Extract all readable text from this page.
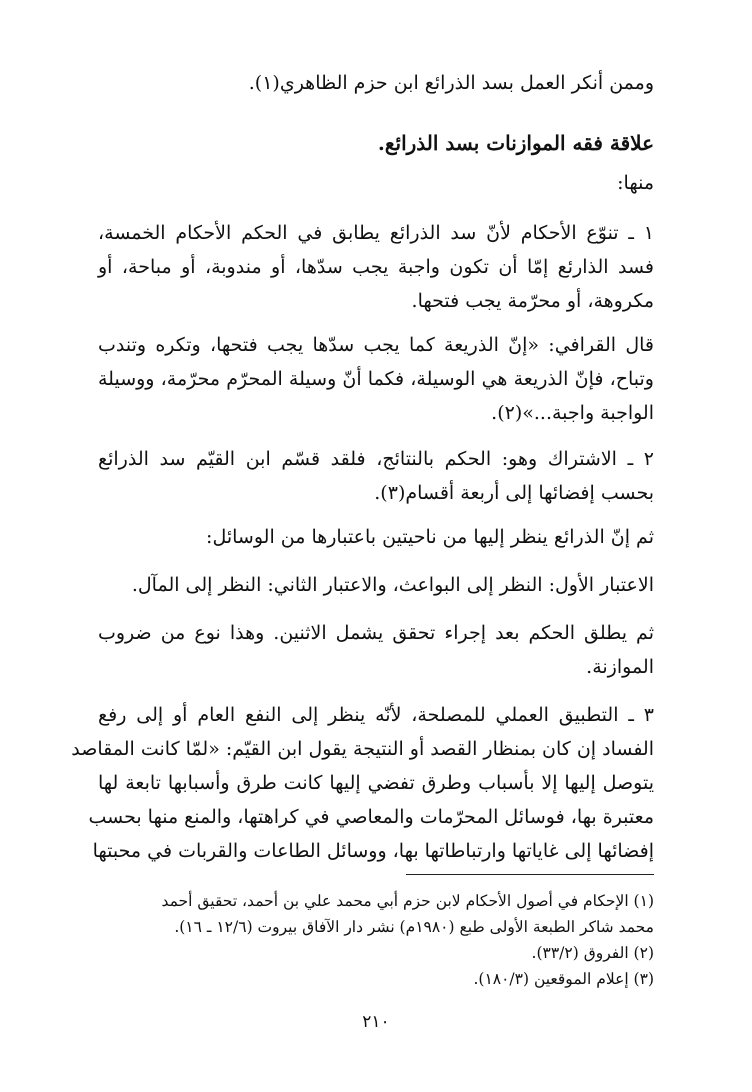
وممن أنكر العمل بسد الذرائع ابن حزم الظاهري(١).
علاقة فقه الموازنات بسد الذرائع.
منها:
١ ـ تنوّع الأحكام لأنّ سد الذرائع يطابق في الحكم الأحكام الخمسة،
فسد الذارئع إمّا أن تكون واجبة يجب سدّها، أو مندوبة، أو مباحة، أو
مكروهة، أو محرّمة يجب فتحها.
قال القرافي: «إنّ الذريعة كما يجب سدّها يجب فتحها، وتكره وتندب
وتباح، فإنّ الذريعة هي الوسيلة، فكما أنّ وسيلة المحرّم محرّمة، ووسيلة
الواجبة واجبة...»(٢).
٢ ـ الاشتراك وهو: الحكم بالنتائج، فلقد قسّم ابن القيّم سد الذرائع
بحسب إفضائها إلى أربعة أقسام(٣).
ثم إنّ الذرائع ينظر إليها من ناحيتين باعتبارها من الوسائل:
الاعتبار الأول: النظر إلى البواعث، والاعتبار الثاني: النظر إلى المآل.
ثم يطلق الحكم بعد إجراء تحقق يشمل الاثنين. وهذا نوع من ضروب
الموازنة.
٣ ـ التطبيق العملي للمصلحة، لأنّه ينظر إلى النفع العام أو إلى رفع
الفساد إن كان بمنظار القصد أو النتيجة يقول ابن القيّم: «لمّا كانت المقاصد
يتوصل إليها إلا بأسباب وطرق تفضي إليها كانت طرق وأسبابها تابعة لها
معتبرة بها، فوسائل المحرّمات والمعاصي في كراهتها، والمنع منها بحسب
إفضائها إلى غاياتها وارتباطاتها بها، ووسائل الطاعات والقربات في محبتها
(١) الإحكام في أصول الأحكام لابن حزم أبي محمد علي بن أحمد، تحقيق أحمد
محمد شاكر الطبعة الأولى طبع (١٩٨٠م) نشر دار الآفاق بيروت (١٢/٦ ـ ١٦).
(٢) الفروق (٣٣/٢).
(٣) إعلام الموقعين (١٨٠/٣).
٢١٠
